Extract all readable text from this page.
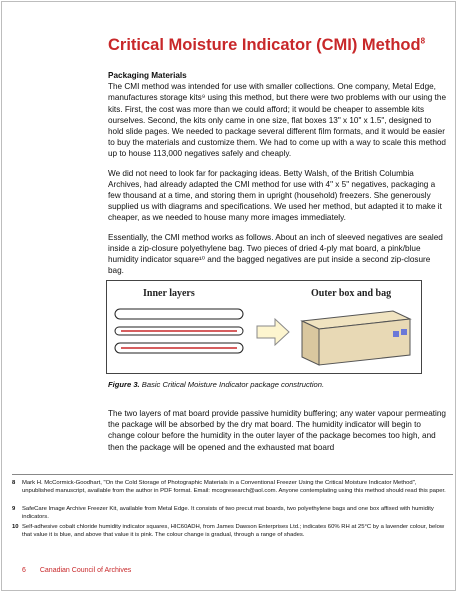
Critical Moisture Indicator (CMI) Method$^8$

Packaging Materials

The CMI method was intended for use with smaller collections. One company, Metal Edge, manufactures storage kits⁹ using this method, but there were two problems with our using the kits. First, the cost was more than we could afford; it would be cheaper to assemble kits ourselves. Second, the kits only came in one size, flat boxes 13" x 10" x 1.5", designed to hold slide pages. We needed to package several different film formats, and it would be easier to buy the materials and customize them. We had to come up with a way to scale this method up to house 113,000 negatives safely and cheaply.

We did not need to look far for packaging ideas. Betty Walsh, of the British Columbia Archives, had already adapted the CMI method for use with 4" x 5" negatives, packaging a few thousand at a time, and storing them in upright (household) freezers. She generously supplied us with diagrams and specifications. We used her method, but adapted it to make it cheaper, as we needed to house many more images immediately.

Essentially, the CMI method works as follows. About an inch of sleeved negatives are sealed inside a zip-closure polyethylene bag. Two pieces of dried 4-ply mat board, a pink/blue humidity indicator square¹⁰ and the bagged negatives are put inside a second zip-closure bag.

Inner layers	Outer box and bag
Figure 3. Basic Critical Moisture Indicator package construction.

The two layers of mat board provide passive humidity buffering; any water vapour permeating the package will be absorbed by the dry mat board. The humidity indicator will begin to change colour before the humidity in the outer layer of the package becomes too high, and then the package will be opened and the exhausted mat board

8 Mark H. McCormick-Goodhart, "On the Cold Storage of Photographic Materials in a Conventional Freezer Using the Critical Moisture Indicator Method", unpublished manuscript, available from the author in PDF format. Email: mcogresearch@aol.com. Anyone contemplating using this method should read this paper.
9 SafeCare Image Archive Freezer Kit, available from Metal Edge. It consists of two precut mat boards, two polyethylene bags and one box affixed with humidity indicators.
10 Self-adhesive cobalt chloride humidity indicator squares, HIC60ADH, from James Dawson Enterprises Ltd.; indicates 60% RH at 25°C by a lavender colour, below that value it is blue, and above that value it is pink. The colour change is gradual, through a range of shades.
6 Canadian Council of Archives
